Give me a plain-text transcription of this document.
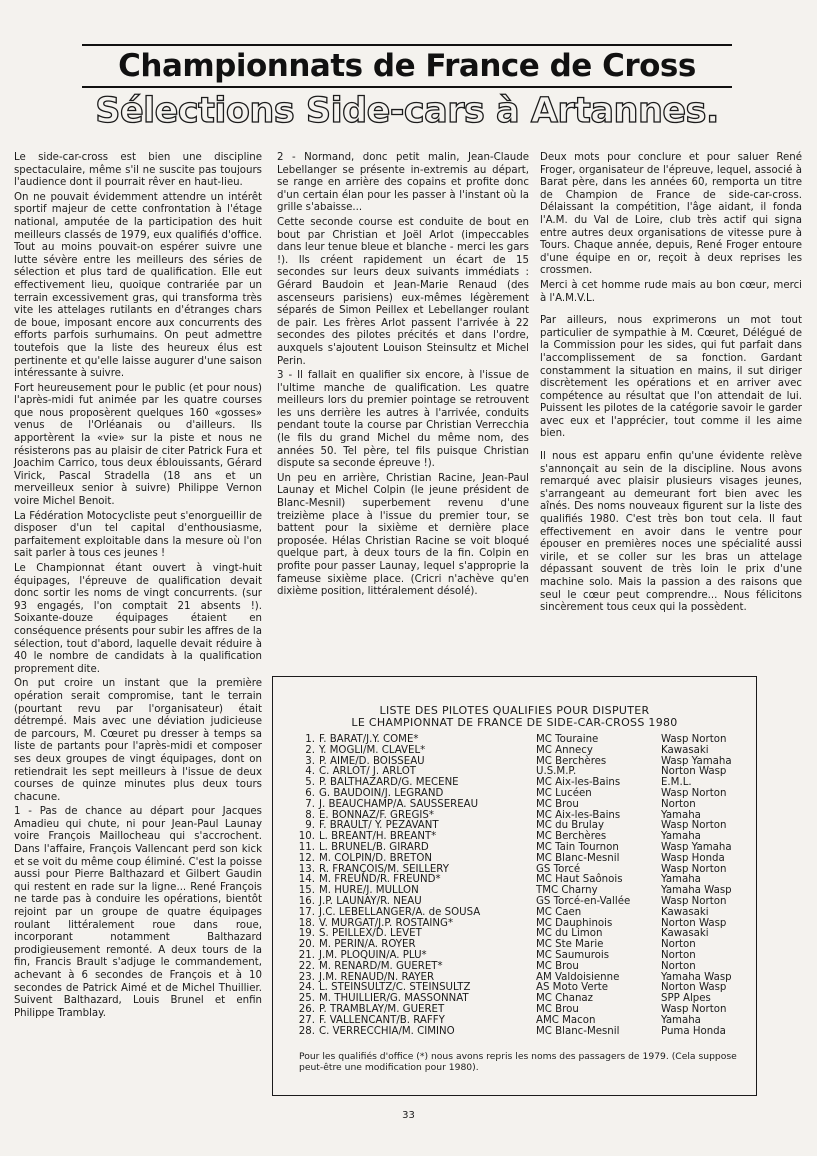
Championnats de France de Cross
Sélections Side-cars à Artannes.

Le side-car-cross est bien une discipline spectaculaire, même s'il ne suscite pas toujours l'audience dont il pourrait rêver en haut-lieu.

On ne pouvait évidemment attendre un intérêt sportif majeur de cette confrontation à l'étage national, amputée de la participation des huit meilleurs classés de 1979, eux qualifiés d'office. Tout au moins pouvait-on espérer suivre une lutte sévère entre les meilleurs des séries de sélection et plus tard de qualification. Elle eut effectivement lieu, quoique contrariée par un terrain excessivement gras, qui transforma très vite les attelages rutilants en d'étranges chars de boue, imposant encore aux concurrents des efforts parfois surhumains. On peut admettre toutefois que la liste des heureux élus est pertinente et qu'elle laisse augurer d'une saison intéressante à suivre.

Fort heureusement pour le public (et pour nous) l'après-midi fut animée par les quatre courses que nous proposèrent quelques 160 «gosses» venus de l'Orléanais ou d'ailleurs. Ils apportèrent la «vie» sur la piste et nous ne résisterons pas au plaisir de citer Patrick Fura et Joachim Carrico, tous deux éblouissants, Gérard Virick, Pascal Stradella (18 ans et un merveilleux senior à suivre) Philippe Vernon voire Michel Benoit.

La Fédération Motocycliste peut s'enorgueillir de disposer d'un tel capital d'enthousiasme, parfaitement exploitable dans la mesure où l'on sait parler à tous ces jeunes !

Le Championnat étant ouvert à vingt-huit équipages, l'épreuve de qualification devait donc sortir les noms de vingt concurrents. (sur 93 engagés, l'on comptait 21 absents !). Soixante-douze équipages étaient en conséquence présents pour subir les affres de la sélection, tout d'abord, laquelle devait réduire à 40 le nombre de candidats à la qualification proprement dite.

On put croire un instant que la première opération serait compromise, tant le terrain (pourtant revu par l'organisateur) était détrempé. Mais avec une déviation judicieuse de parcours, M. Cœuret pu dresser à temps sa liste de partants pour l'après-midi et composer ses deux groupes de vingt équipages, dont on retiendrait les sept meilleurs à l'issue de deux courses de quinze minutes plus deux tours chacune.

1 - Pas de chance au départ pour Jacques Amadieu qui chute, ni pour Jean-Paul Launay voire François Maillocheau qui s'accrochent. Dans l'affaire, François Vallencant perd son kick et se voit du même coup éliminé. C'est la poisse aussi pour Pierre Balthazard et Gilbert Gaudin qui restent en rade sur la ligne... René François ne tarde pas à conduire les opérations, bientôt rejoint par un groupe de quatre équipages roulant littéralement roue dans roue, incorporant notamment Balthazard prodigieusement remonté. A deux tours de la fin, Francis Brault s'adjuge le commandement, achevant à 6 secondes de François et à 10 secondes de Patrick Aimé et de Michel Thuillier. Suivent Balthazard, Louis Brunel et enfin Philippe Tramblay.

2 - Normand, donc petit malin, Jean-Claude Lebellanger se présente in-extremis au départ, se range en arrière des copains et profite donc d'un certain élan pour les passer à l'instant où la grille s'abaisse...

Cette seconde course est conduite de bout en bout par Christian et Joël Arlot (impeccables dans leur tenue bleue et blanche - merci les gars !). Ils créent rapidement un écart de 15 secondes sur leurs deux suivants immédiats : Gérard Baudoin et Jean-Marie Renaud (des ascenseurs parisiens) eux-mêmes légèrement séparés de Simon Peillex et Lebellanger roulant de pair. Les frères Arlot passent l'arrivée à 22 secondes des pilotes précités et dans l'ordre, auxquels s'ajoutent Louison Steinsultz et Michel Perin.

3 - Il fallait en qualifier six encore, à l'issue de l'ultime manche de qualification. Les quatre meilleurs lors du premier pointage se retrouvent les uns derrière les autres à l'arrivée, conduits pendant toute la course par Christian Verrecchia (le fils du grand Michel du même nom, des années 50. Tel père, tel fils puisque Christian dispute sa seconde épreuve !).

Un peu en arrière, Christian Racine, Jean-Paul Launay et Michel Colpin (le jeune président de Blanc-Mesnil) superbement revenu d'une treizième place à l'issue du premier tour, se battent pour la sixième et dernière place proposée. Hélas Christian Racine se voit bloqué quelque part, à deux tours de la fin. Colpin en profite pour passer Launay, lequel s'approprie la fameuse sixième place. (Cricri n'achève qu'en dixième position, littéralement désolé).

Deux mots pour conclure et pour saluer René Froger, organisateur de l'épreuve, lequel, associé à Barat père, dans les années 60, remporta un titre de Champion de France de side-car-cross. Délaissant la compétition, l'âge aidant, il fonda l'A.M. du Val de Loire, club très actif qui signa entre autres deux organisations de vitesse pure à Tours. Chaque année, depuis, René Froger entoure d'une équipe en or, reçoit à deux reprises les crossmen.

Merci à cet homme rude mais au bon cœur, merci à l'A.M.V.L.

Par ailleurs, nous exprimerons un mot tout particulier de sympathie à M. Cœuret, Délégué de la Commission pour les sides, qui fut parfait dans l'accomplissement de sa fonction. Gardant constamment la situation en mains, il sut diriger discrètement les opérations et en arriver avec compétence au résultat que l'on attendait de lui. Puissent les pilotes de la catégorie savoir le garder avec eux et l'apprécier, tout comme il les aime bien.

Il nous est apparu enfin qu'une évidente relève s'annonçait au sein de la discipline. Nous avons remarqué avec plaisir plusieurs visages jeunes, s'arrangeant au demeurant fort bien avec les aînés. Des noms nouveaux figurent sur la liste des qualifiés 1980. C'est très bon tout cela. Il faut effectivement en avoir dans le ventre pour épouser en premières noces une spécialité aussi virile, et se coller sur les bras un attelage dépassant souvent de très loin le prix d'une machine solo. Mais la passion a des raisons que seul le cœur peut comprendre... Nous félicitons sincèrement tous ceux qui la possèdent.

LISTE DES PILOTES QUALIFIES POUR DISPUTER
LE CHAMPIONNAT DE FRANCE DE SIDE-CAR-CROSS 1980
1. F. BARAT/J.Y. COME*	MC Touraine	Wasp Norton
2. Y. MOGLI/M. CLAVEL*	MC Annecy	Kawasaki
3. P. AIME/D. BOISSEAU	MC Berchères	Wasp Yamaha
4. C. ARLOT/ J. ARLOT	U.S.M.P.	Norton Wasp
5. P. BALTHAZARD/G. MECENE	MC Aix-les-Bains	E.M.L.
6. G. BAUDOIN/J. LEGRAND	MC Lucéen	Wasp Norton
7. J. BEAUCHAMP/A. SAUSSEREAU	MC Brou	Norton
8. E. BONNAZ/F. GREGIS*	MC Aix-les-Bains	Yamaha
9. F. BRAULT/ Y. PEZAVANT	MC du Brulay	Wasp Norton
10. L. BREANT/H. BREANT*	MC Berchères	Yamaha
11. L. BRUNEL/B. GIRARD	MC Tain Tournon	Wasp Yamaha
12. M. COLPIN/D. BRETON	MC Blanc-Mesnil	Wasp Honda
13. R. FRANÇOIS/M. SEILLERY	GS Torcé	Wasp Norton
14. M. FREUND/R. FREUND*	MC Haut Saônois	Yamaha
15. M. HURE/J. MULLON	TMC Charny	Yamaha Wasp
16. J.P. LAUNAY/R. NEAU	GS Torcé-en-Vallée	Wasp Norton
17. J.C. LEBELLANGER/A. de SOUSA	MC Caen	Kawasaki
18. V. MURGAT/J.P. ROSTAING*	MC Dauphinois	Norton Wasp
19. S. PEILLEX/D. LEVET	MC du Limon	Kawasaki
20. M. PERIN/A. ROYER	MC Ste Marie	Norton
21. J.M. PLOQUIN/A. PLU*	MC Saumurois	Norton
22. M. RENARD/M. GUERET*	MC Brou	Norton
23. J.M. RENAUD/N. RAYER	AM Valdoisienne	Yamaha Wasp
24. L. STEINSULTZ/C. STEINSULTZ	AS Moto Verte	Norton Wasp
25. M. THUILLIER/G. MASSONNAT	MC Chanaz	SPP Alpes
26. P. TRAMBLAY/M. GUERET	MC Brou	Wasp Norton
27. F. VALLENCANT/B. RAFFY	AMC Macon	Yamaha
28. C. VERRECCHIA/M. CIMINO	MC Blanc-Mesnil	Puma Honda
Pour les qualifiés d'office (*) nous avons repris les noms des passagers de 1979. (Cela suppose peut-être une modification pour 1980).
33
